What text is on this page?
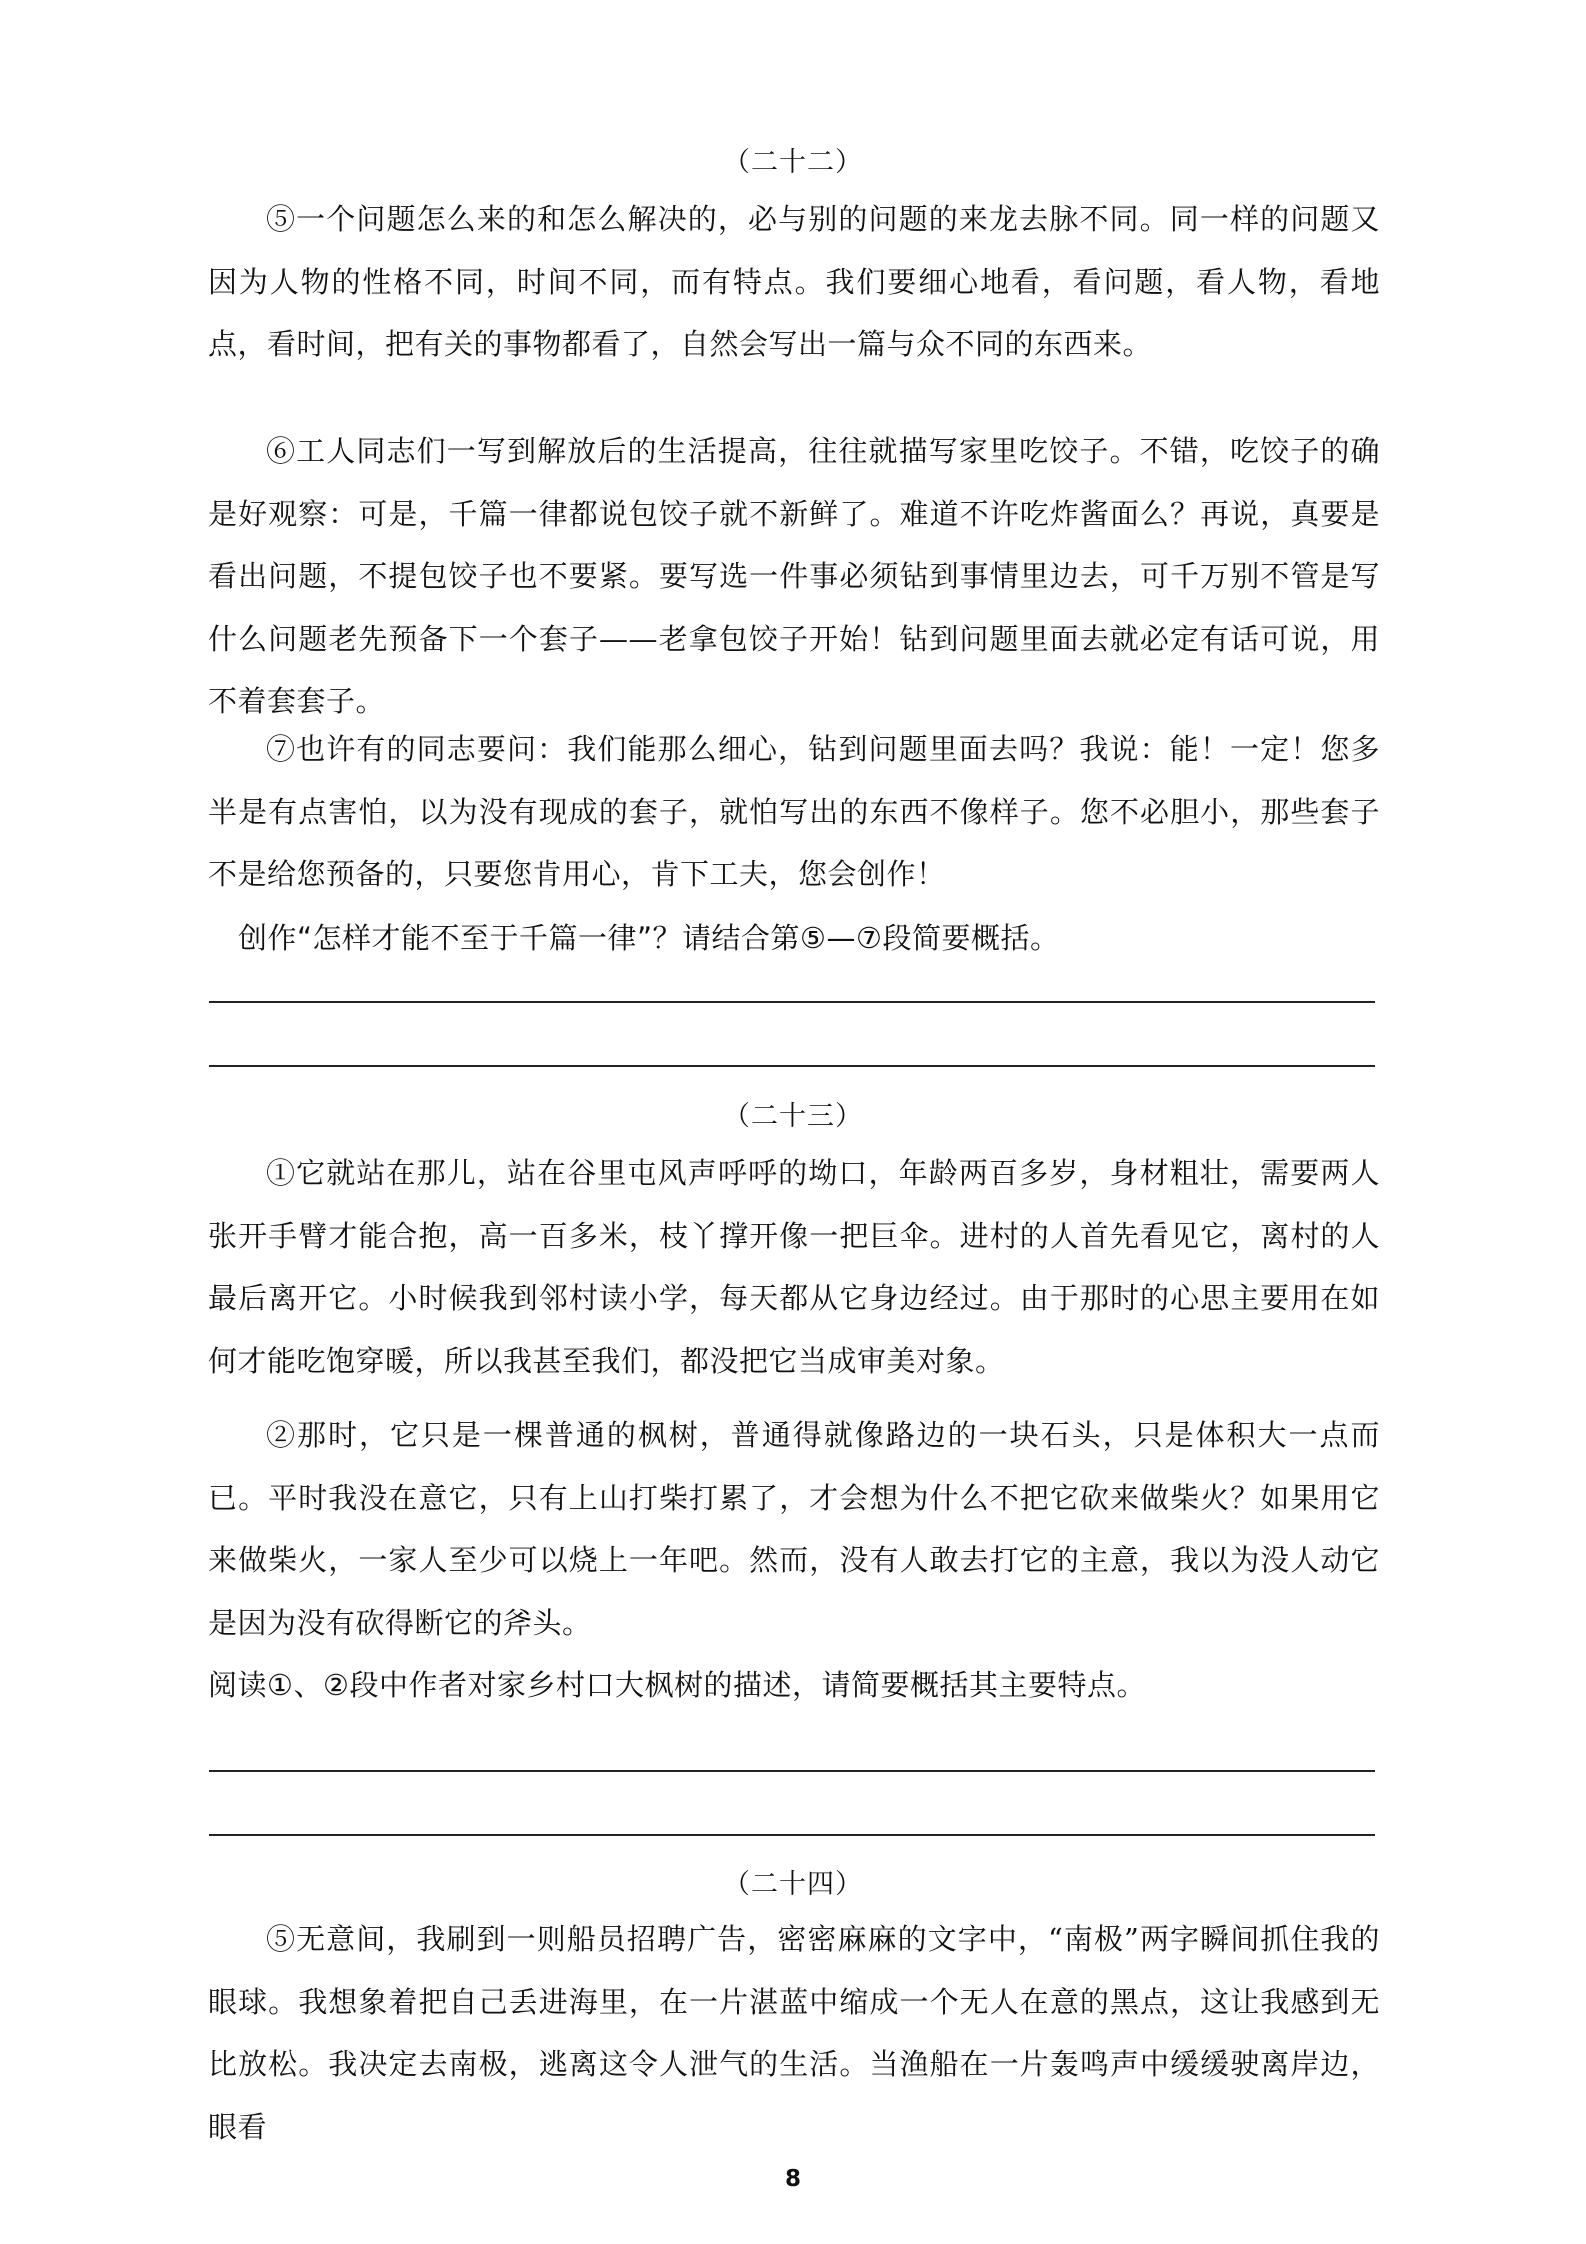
（二十二）

⑤一个问题怎么来的和怎么解决的，必与别的问题的来龙去脉不同。同一样的问题又因为人物的性格不同，时间不同，而有特点。我们要细心地看，看问题，看人物，看地点，看时间，把有关的事物都看了，自然会写出一篇与众不同的东西来。

⑥工人同志们一写到解放后的生活提高，往往就描写家里吃饺子。不错，吃饺子的确是好观察：可是，千篇一律都说包饺子就不新鲜了。难道不许吃炸酱面么？再说，真要是看出问题，不提包饺子也不要紧。要写选一件事必须钻到事情里边去，可千万别不管是写什么问题老先预备下一个套子——老拿包饺子开始！钻到问题里面去就必定有话可说，用不着套套子。

⑦也许有的同志要问：我们能那么细心，钻到问题里面去吗？我说：能！一定！您多半是有点害怕，以为没有现成的套子，就怕写出的东西不像样子。您不必胆小，那些套子不是给您预备的，只要您肯用心，肯下工夫，您会创作！

创作“怎样才能不至于千篇一律”？请结合第⑤—⑦段简要概括。

（二十三）

①它就站在那儿，站在谷里屯风声呼呼的坳口，年龄两百多岁，身材粗壮，需要两人张开手臂才能合抱，高一百多米，枝丫撑开像一把巨伞。进村的人首先看见它，离村的人最后离开它。小时候我到邻村读小学，每天都从它身边经过。由于那时的心思主要用在如何才能吃饱穿暖，所以我甚至我们，都没把它当成审美对象。

②那时，它只是一棵普通的枫树，普通得就像路边的一块石头，只是体积大一点而已。平时我没在意它，只有上山打柴打累了，才会想为什么不把它砍来做柴火？如果用它来做柴火，一家人至少可以烧上一年吧。然而，没有人敢去打它的主意，我以为没人动它是因为没有砍得断它的斧头。

阅读①、②段中作者对家乡村口大枫树的描述，请简要概括其主要特点。

（二十四）

⑤无意间，我刷到一则船员招聘广告，密密麻麻的文字中，“南极”两字瞬间抓住我的眼球。我想象着把自己丢进海里，在一片湛蓝中缩成一个无人在意的黑点，这让我感到无比放松。我决定去南极，逃离这令人泄气的生活。当渔船在一片轰鸣声中缓缓驶离岸边，眼看

8
